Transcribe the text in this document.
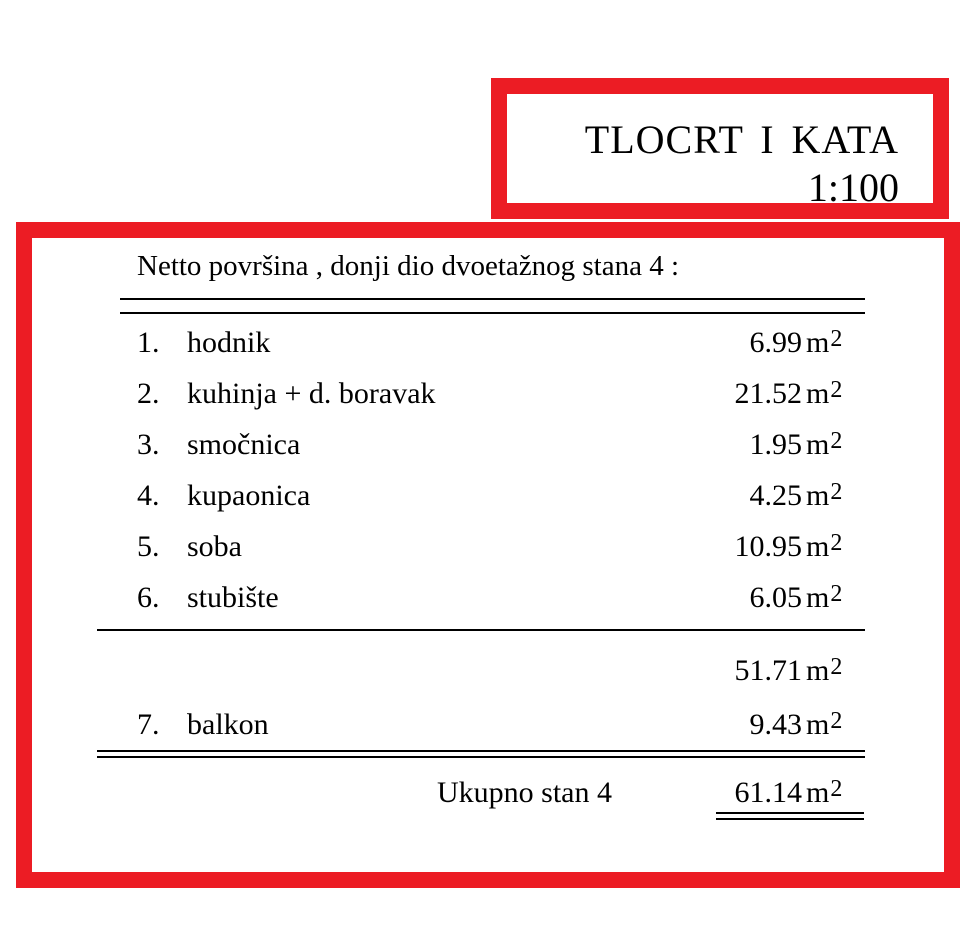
TLOCRT I KATA
1:100
Netto površina , donji dio dvoetažnog stana 4 :
1. hodnik	6.99 $m^2$
2. kuhinja + d. boravak	21.52 $m^2$
3. smočnica	1.95 $m^2$
4. kupaonica	4.25 $m^2$
5. soba	10.95 $m^2$
6. stubište	6.05 $m^2$
51.71 $m^2$
7. balkon	9.43 $m^2$
Ukupno stan 4	61.14 $m^2$
